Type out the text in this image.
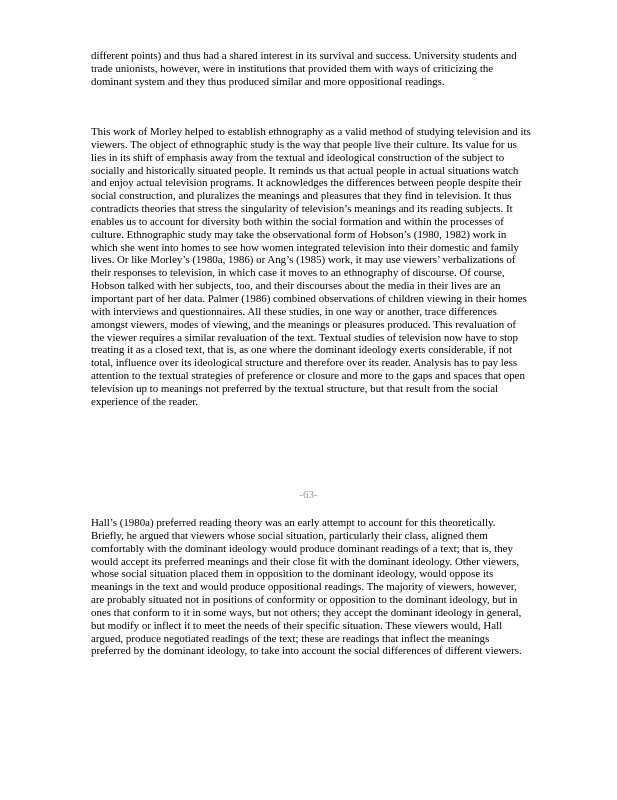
different points) and thus had a shared interest in its survival and success. University students and trade unionists, however, were in institutions that provided them with ways of criticizing the dominant system and they thus produced similar and more oppositional readings.

This work of Morley helped to establish ethnography as a valid method of studying television and its viewers. The object of ethnographic study is the way that people live their culture. Its value for us lies in its shift of emphasis away from the textual and ideological construction of the subject to socially and historically situated people. It reminds us that actual people in actual situations watch and enjoy actual television programs. It acknowledges the differences between people despite their social construction, and pluralizes the meanings and pleasures that they find in television. It thus contradicts theories that stress the singularity of television’s meanings and its reading subjects. It enables us to account for diversity both within the social formation and within the processes of culture. Ethnographic study may take the observational form of Hobson’s (1980, 1982) work in which she went into homes to see how women integrated television into their domestic and family lives. Or like Morley’s (1980a, 1986) or Ang’s (1985) work, it may use viewers’ verbalizations of their responses to television, in which case it moves to an ethnography of discourse. Of course, Hobson talked with her subjects, too, and their discourses about the media in their lives are an important part of her data. Palmer (1986) combined observations of children viewing in their homes with interviews and questionnaires. All these studies, in one way or another, trace differences amongst viewers, modes of viewing, and the meanings or pleasures produced. This revaluation of the viewer requires a similar revaluation of the text. Textual studies of television now have to stop treating it as a closed text, that is, as one where the dominant ideology exerts considerable, if not total, influence over its ideological structure and therefore over its reader. Analysis has to pay less attention to the textual strategies of preference or closure and more to the gaps and spaces that open television up to meanings not preferred by the textual structure, but that result from the social experience of the reader.

-63-

Hall’s (1980a) preferred reading theory was an early attempt to account for this theoretically. Briefly, he argued that viewers whose social situation, particularly their class, aligned them comfortably with the dominant ideology would produce dominant readings of a text; that is, they would accept its preferred meanings and their close fit with the dominant ideology. Other viewers, whose social situation placed them in opposition to the dominant ideology, would oppose its meanings in the text and would produce oppositional readings. The majority of viewers, however, are probably situated not in positions of conformity or opposition to the dominant ideology, but in ones that conform to it in some ways, but not others; they accept the dominant ideology in general, but modify or inflect it to meet the needs of their specific situation. These viewers would, Hall argued, produce negotiated readings of the text; these are readings that inflect the meanings preferred by the dominant ideology, to take into account the social differences of different viewers.
